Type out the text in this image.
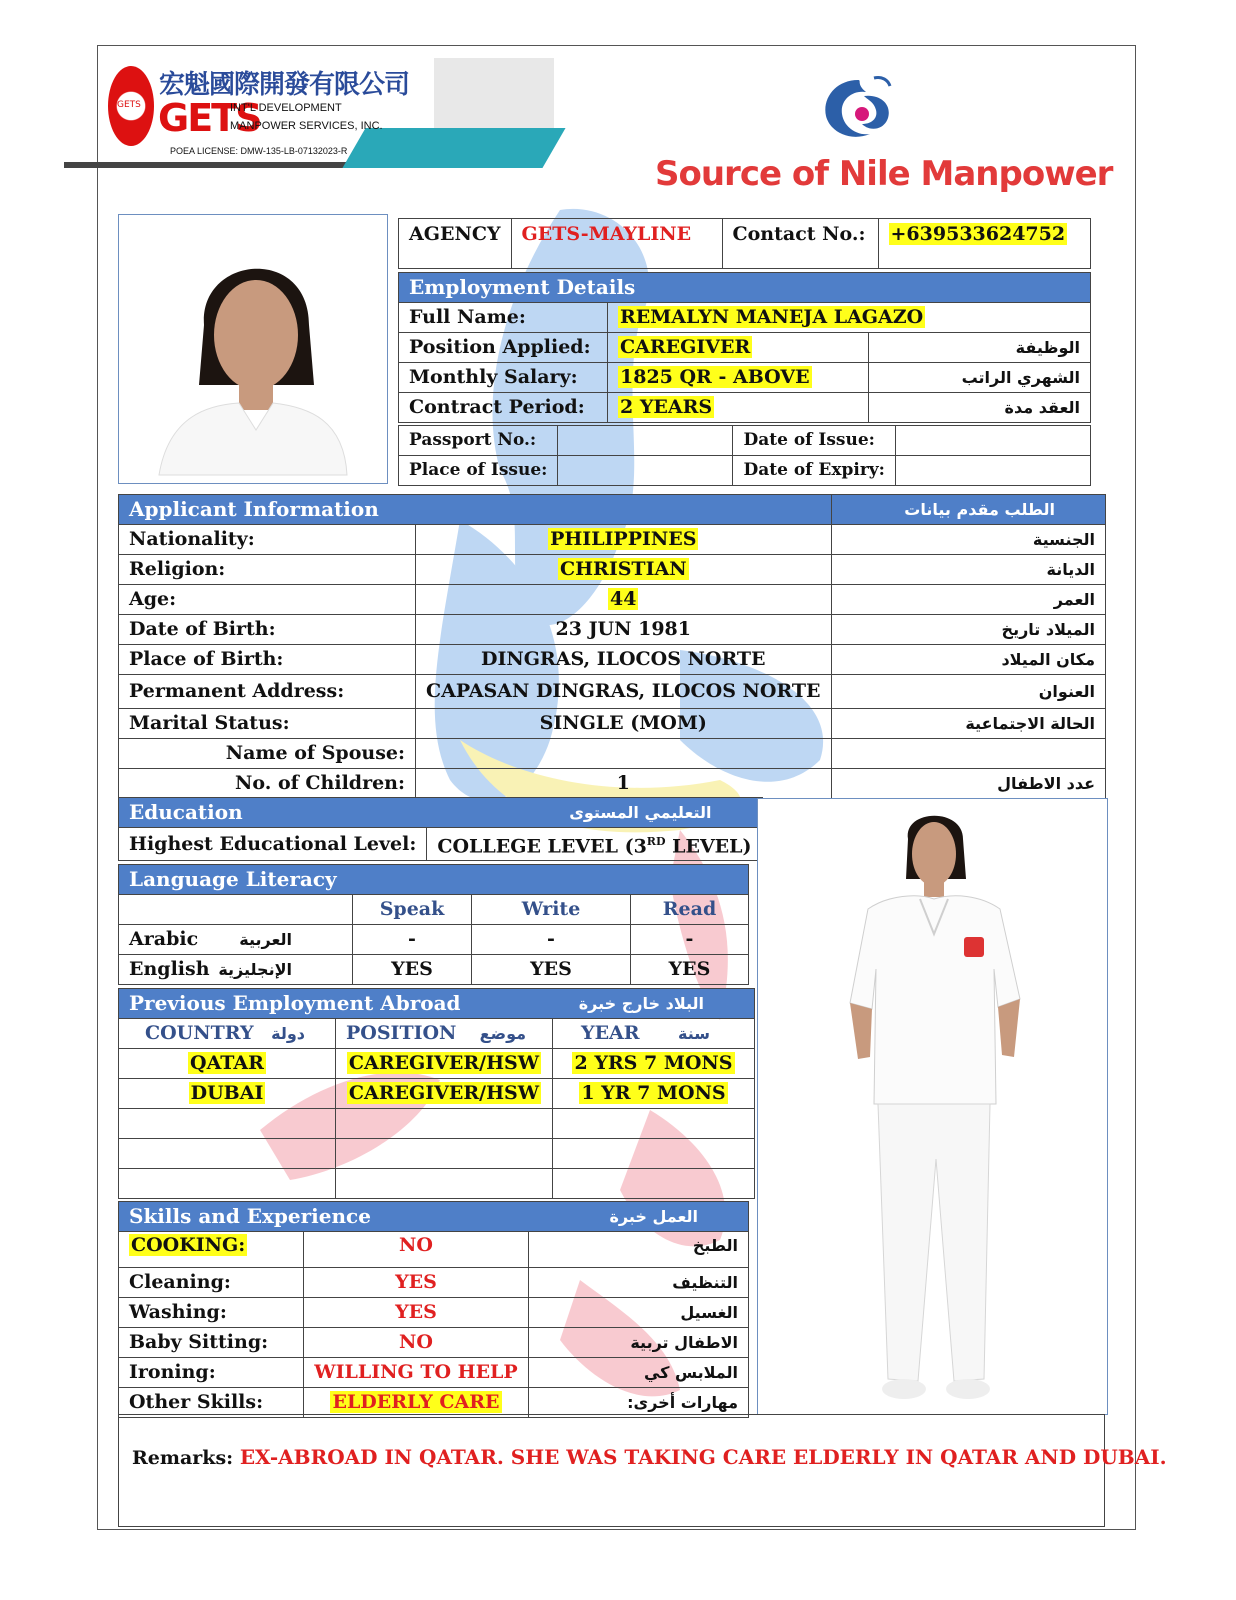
GETS
宏魁國際開發有限公司
GETS
INT'L DEVELOPMENT
MANPOWER SERVICES, INC.
POEA LICENSE: DMW-135-LB-07132023-R
Source of Nile Manpower
AGENCY	GETS-MAYLINE	Contact No.:	+639533624752
Employment Details		
Full Name:	REMALYN MANEJA LAGAZO	
Position Applied:	CAREGIVER	الوظيفة
Monthly Salary:	1825 QR - ABOVE	الشهري الراتب
Contract Period:	2 YEARS	العقد مدة
Passport No.:		Date of Issue:	
Place of Issue:		Date of Expiry:	
Applicant Information		الطلب مقدم بيانات
Nationality:	PHILIPPINES	الجنسية
Religion:	CHRISTIAN	الديانة
Age:	44	العمر
Date of Birth:	23 JUN 1981	الميلاد تاريخ
Place of Birth:	DINGRAS, ILOCOS NORTE	مكان الميلاد
Permanent Address:	CAPASAN DINGRAS, ILOCOS NORTE	العنوان
Marital Status:	SINGLE (MOM)	الحالة الاجتماعية
Name of Spouse:		
No. of Children:	1	عدد الاطفال
Education	التعليمي المستوى
Highest Educational Level:	COLLEGE LEVEL (3RD LEVEL)
Language Literacy			
	Speak	Write	Read
Arabic العربية	-	-	-
English الإنجليزية	YES	YES	YES
Previous Employment Abroad		البلاد خارج خبرة
COUNTRY دولة	POSITION موضع	YEAR سنة

QATAR	CAREGIVER/HSW	2 YRS 7 MONS
DUBAI	CAREGIVER/HSW	1 YR 7 MONS

Skills and Experience		العمل خبرة
COOKING:	NO	الطبخ
Cleaning:	YES	التنظيف
Washing:	YES	الغسيل
Baby Sitting:	NO	الاطفال تربية
Ironing:	WILLING TO HELP	الملابس كي
Other Skills:	ELDERLY CARE	مهارات أخرى:
Remarks: EX-ABROAD IN QATAR. SHE WAS TAKING CARE ELDERLY IN QATAR AND DUBAI.
